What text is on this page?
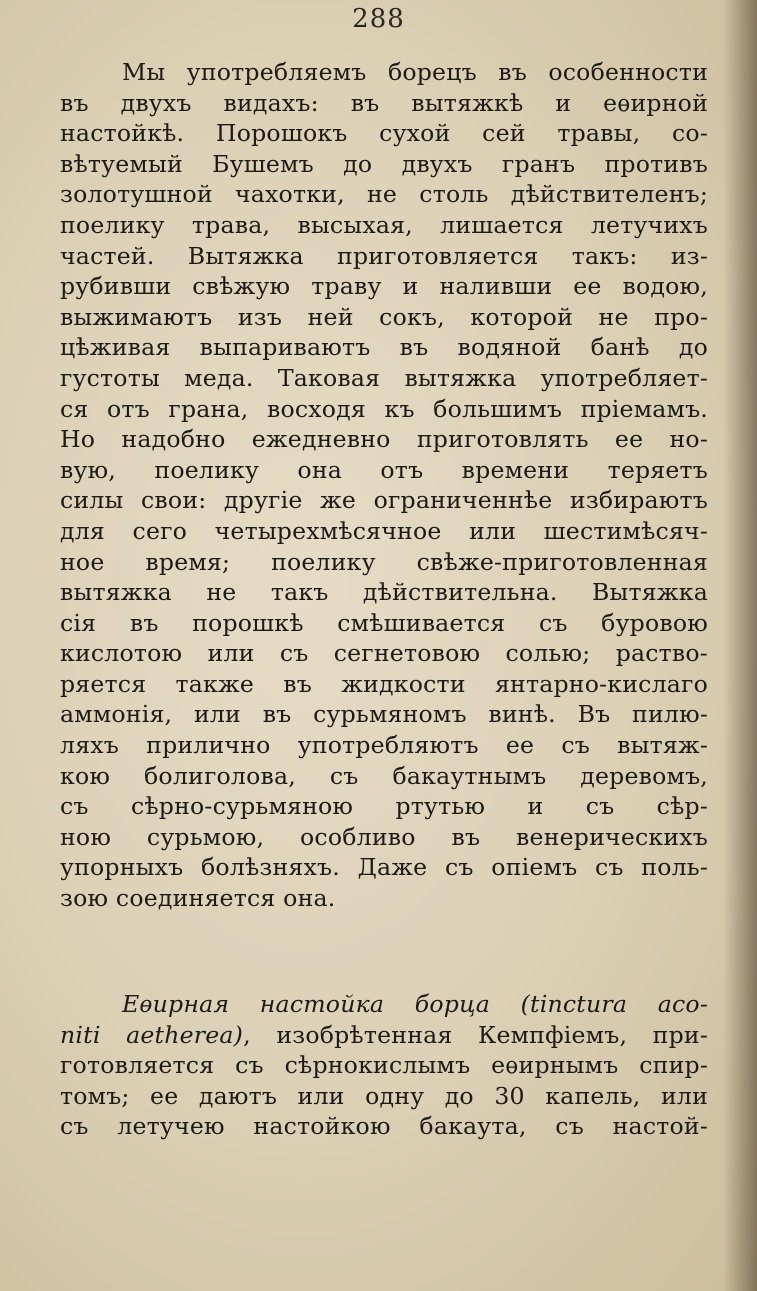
288
Мы употребляемъ борецъ въ особенности
въ двухъ видахъ: въ вытяжкѣ и еѳирной
настойкѣ. Порошокъ сухой сей травы, со-
вѣтуемый Бушемъ до двухъ гранъ противъ
золотушной чахотки, не столь дѣйствителенъ;
поелику трава, высыхая, лишается летучихъ
частей. Вытяжка приготовляется такъ: из-
рубивши свѣжую траву и наливши ее водою,
выжимаютъ изъ ней сокъ, которой не про-
цѣживая выпариваютъ въ водяной банѣ до
густоты меда. Таковая вытяжка употребляет-
ся отъ грана, восходя къ большимъ пріемамъ.
Но надобно ежедневно приготовлять ее но-
вую, поелику она отъ времени теряетъ
силы свои: другіе же ограниченнѣе избираютъ
для сего четырехмѣсячное или шестимѣсяч-
ное время; поелику свѣже-приготовленная
вытяжка не такъ дѣйствительна. Вытяжка
сія въ порошкѣ смѣшивается съ буровою
кислотою или съ сегнетовою солью; раство-
ряется также въ жидкости янтарно-кислаго
аммонія, или въ сурьмяномъ винѣ. Въ пилю-
ляхъ прилично употребляютъ ее съ вытяж-
кою болиголова, съ бакаутнымъ деревомъ,
съ сѣрно-сурьмяною ртутью и съ сѣр-
ною сурьмою, особливо въ венерическихъ
упорныхъ болѣзняхъ. Даже съ опіемъ съ поль-
зою соединяется она.
Еѳирная настойка борца (tinctura aco-
niti aetherea), изобрѣтенная Кемпфіемъ, при-
готовляется съ сѣрнокислымъ еѳирнымъ спир-
томъ; ее даютъ или одну до 30 капель, или
съ летучею настойкою бакаута, съ настой-
